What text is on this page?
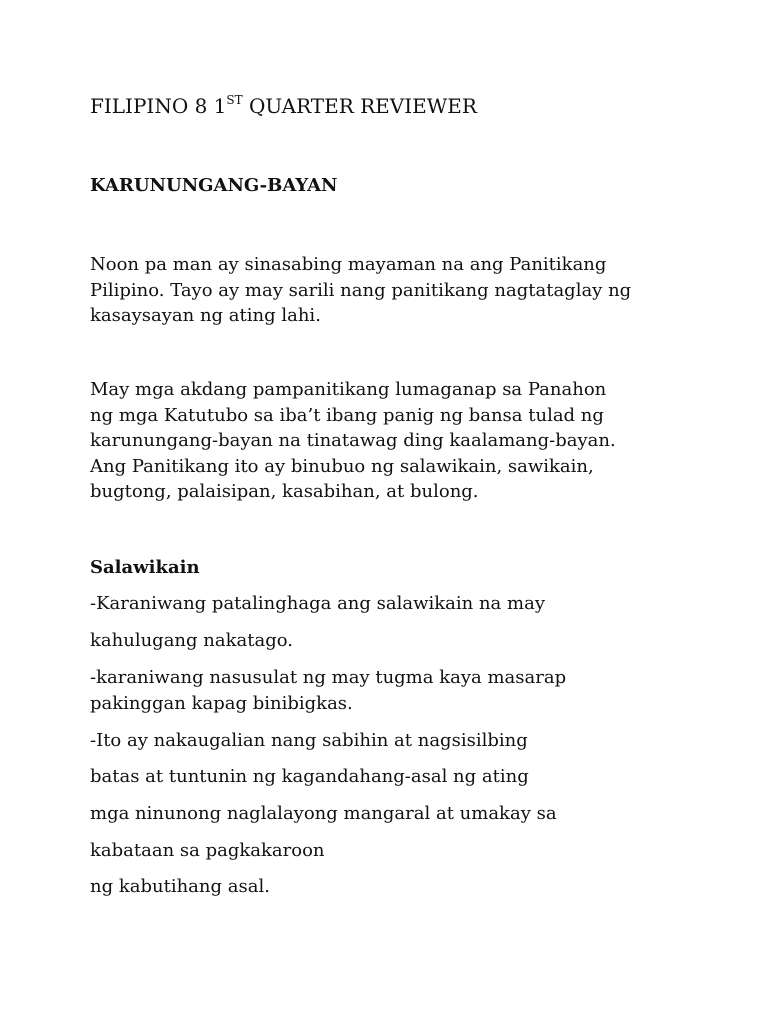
FILIPINO 8 1ST QUARTER REVIEWER
KARUNUNGANG-BAYAN

Noon pa man ay sinasabing mayaman na ang Panitikang
Pilipino. Tayo ay may sarili nang panitikang nagtataglay ng
kasaysayan ng ating lahi.

May mga akdang pampanitikang lumaganap sa Panahon
ng mga Katutubo sa iba’t ibang panig ng bansa tulad ng
karunungang-bayan na tinatawag ding kaalamang-bayan.
Ang Panitikang ito ay binubuo ng salawikain, sawikain,
bugtong, palaisipan, kasabihan, at bulong.

Salawikain
-Karaniwang patalinghaga ang salawikain na may
kahulugang nakatago.
-karaniwang nasusulat ng may tugma kaya masarap
pakinggan kapag binibigkas.
-Ito ay nakaugalian nang sabihin at nagsisilbing
batas at tuntunin ng kagandahang-asal ng ating
mga ninunong naglalayong mangaral at umakay sa
kabataan sa pagkakaroon
ng kabutihang asal.
